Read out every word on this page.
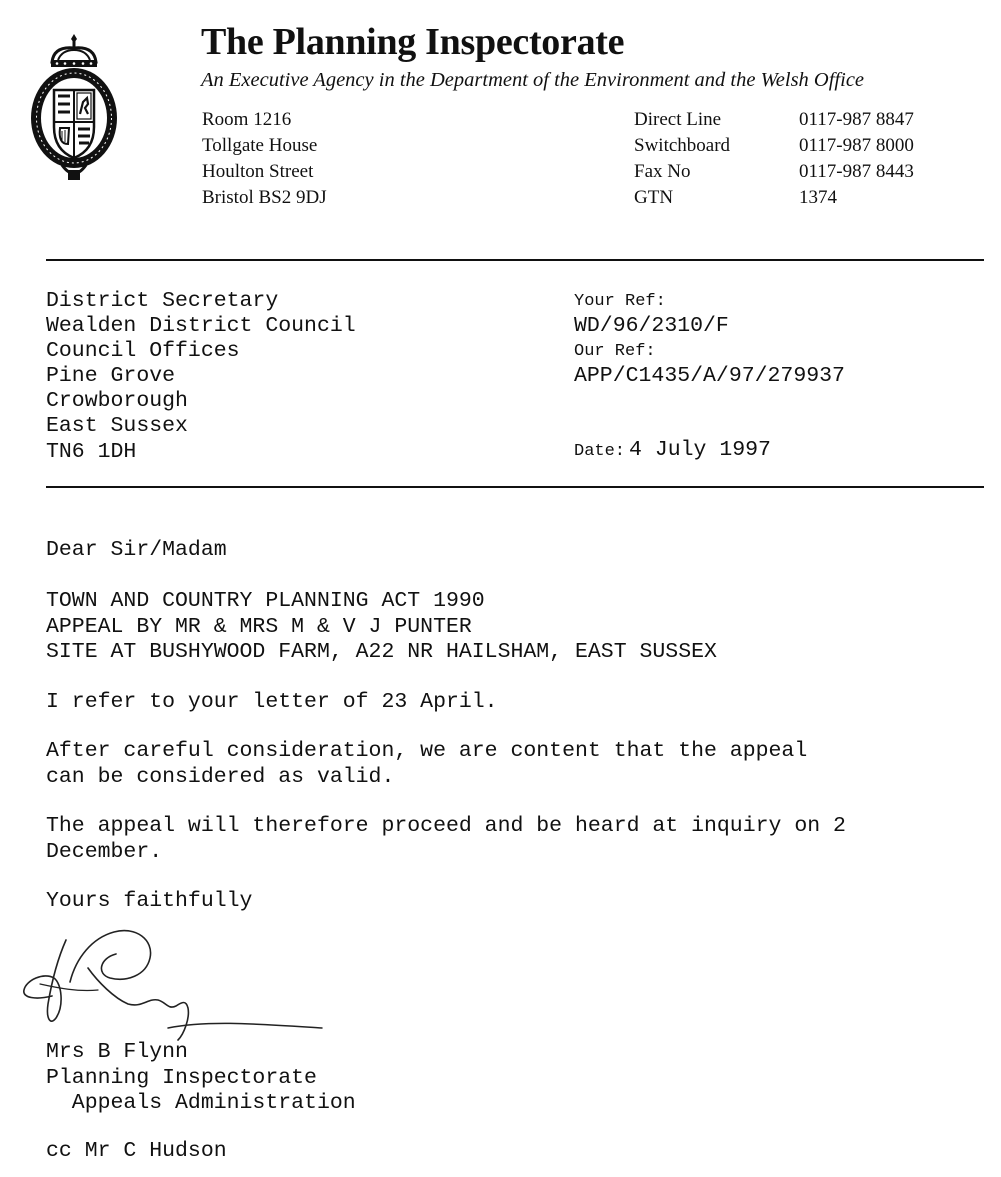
The Planning Inspectorate
An Executive Agency in the Department of the Environment and the Welsh Office
Room 1216
Tollgate House
Houlton Street
Bristol BS2 9DJ
Direct Line	0117-987 8847
Switchboard	0117-987 8000
Fax No	0117-987 8443
GTN	1374
District Secretary
Wealden District Council
Council Offices
Pine Grove
Crowborough
East Sussex
TN6 1DH
Your Ref:
WD/96/2310/F
Our Ref:
APP/C1435/A/97/279937
Date: 4 July 1997
Dear Sir/Madam
TOWN AND COUNTRY PLANNING ACT 1990
APPEAL BY MR & MRS M & V J PUNTER
SITE AT BUSHYWOOD FARM, A22 NR HAILSHAM, EAST SUSSEX
I refer to your letter of 23 April.
After careful consideration, we are content that the appeal
can be considered as valid.
The appeal will therefore proceed and be heard at inquiry on 2
December.
Yours faithfully
Mrs B Flynn
Planning Inspectorate
Appeals Administration
cc Mr C Hudson
